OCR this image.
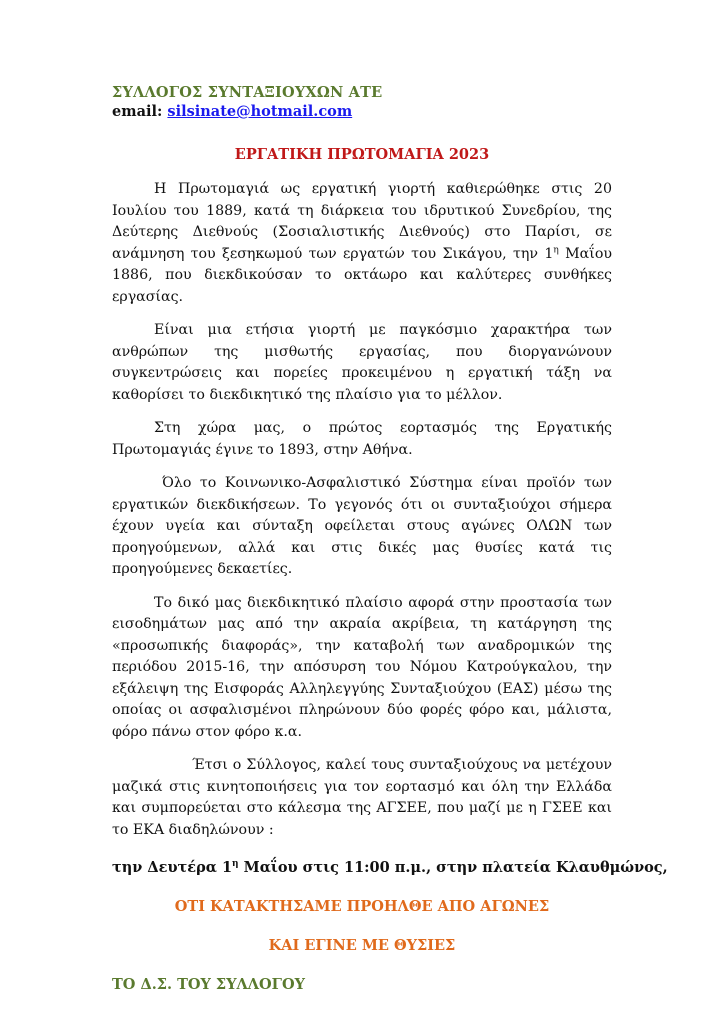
ΣΥΛΛΟΓΟΣ ΣΥΝΤΑΞΙΟΥΧΩΝ ΑΤΕ
email: silsinate@hotmail.com
ΕΡΓΑΤΙΚΗ ΠΡΩΤΟΜΑΓΙΑ 2023

Η Πρωτομαγιά ως εργατική γιορτή καθιερώθηκε στις 20 Ιουλίου του 1889, κατά τη διάρκεια του ιδρυτικού Συνεδρίου, της Δεύτερης Διεθνούς (Σοσιαλιστικής Διεθνούς) στο Παρίσι, σε ανάμνηση του ξεσηκωμού των εργατών του Σικάγου, την $1^\eta$ Μαΐου 1886, που διεκδικούσαν το οκτάωρο και καλύτερες συνθήκες εργασίας.

Είναι μια ετήσια γιορτή με παγκόσμιο χαρακτήρα των ανθρώπων της μισθωτής εργασίας, που διοργανώνουν συγκεντρώσεις και πορείες προκειμένου η εργατική τάξη να καθορίσει το διεκδικητικό της πλαίσιο για το μέλλον.

Στη χώρα μας, ο πρώτος εορτασμός της Εργατικής Πρωτομαγιάς έγινε το 1893, στην Αθήνα.

Όλο το Κοινωνικο-Ασφαλιστικό Σύστημα είναι προϊόν των εργατικών διεκδικήσεων. Το γεγονός ότι οι συνταξιούχοι σήμερα έχουν υγεία και σύνταξη οφείλεται στους αγώνες ΟΛΩΝ των προηγούμενων, αλλά και στις δικές μας θυσίες κατά τις προηγούμενες δεκαετίες.

Το δικό μας διεκδικητικό πλαίσιο αφορά στην προστασία των εισοδημάτων μας από την ακραία ακρίβεια, τη κατάργηση της «προσωπικής διαφοράς», την καταβολή των αναδρομικών της περιόδου 2015-16, την απόσυρση του Νόμου Κατρούγκαλου, την εξάλειψη της Εισφοράς Αλληλεγγύης Συνταξιούχου (ΕΑΣ) μέσω της οποίας οι ασφαλισμένοι πληρώνουν δύο φορές φόρο και, μάλιστα, φόρο πάνω στον φόρο κ.α.

Έτσι ο Σύλλογος, καλεί τους συνταξιούχους να μετέχουν μαζικά στις κινητοποιήσεις για τον εορτασμό και όλη την Ελλάδα και συμπορεύεται στο κάλεσμα της ΑΓΣΕΕ, που μαζί με η ΓΣΕΕ και το ΕΚΑ διαδηλώνουν :

την Δευτέρα $1^\eta$ Μαΐου στις 11:00 π.μ., στην πλατεία Κλαυθμώνος,
ΟΤΙ ΚΑΤΑΚΤΗΣΑΜΕ ΠΡΟΗΛΘΕ ΑΠΟ ΑΓΩΝΕΣ
ΚΑΙ ΕΓΙΝΕ ΜΕ ΘΥΣΙΕΣ
ΤΟ Δ.Σ. ΤΟΥ ΣΥΛΛΟΓΟΥ
